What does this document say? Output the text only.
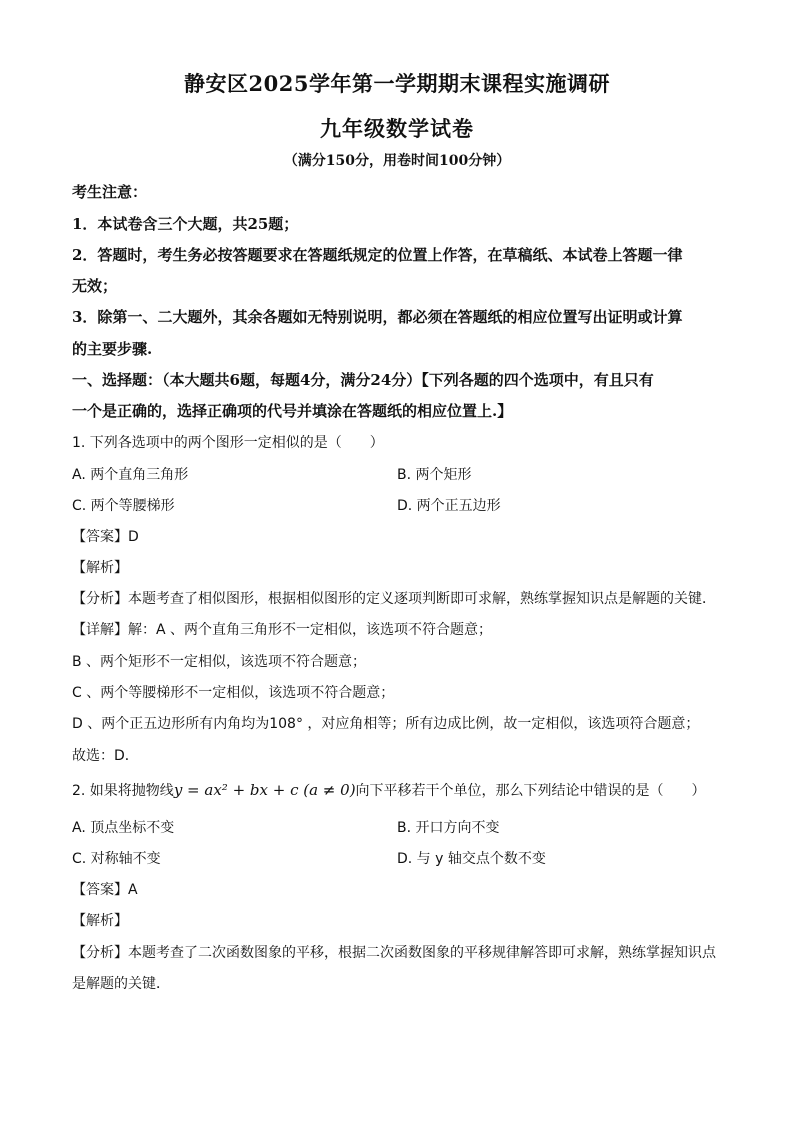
静安区2025学年第一学期期末课程实施调研
九年级数学试卷
（满分150分，用卷时间100分钟）
考生注意：
1．本试卷含三个大题，共25题；
2．答题时，考生务必按答题要求在答题纸规定的位置上作答，在草稿纸、本试卷上答题一律
无效；
3．除第一、二大题外，其余各题如无特别说明，都必须在答题纸的相应位置写出证明或计算
的主要步骤.
一、选择题：（本大题共6题，每题4分，满分24分）【下列各题的四个选项中，有且只有
一个是正确的，选择正确项的代号并填涂在答题纸的相应位置上.】
1. 下列各选项中的两个图形一定相似的是（　　）
A. 两个直角三角形	B. 两个矩形
C. 两个等腰梯形	D. 两个正五边形
【答案】D
【解析】
【分析】本题考查了相似图形，根据相似图形的定义逐项判断即可求解，熟练掌握知识点是解题的关键．
【详解】解：A 、两个直角三角形不一定相似，该选项不符合题意；
B 、两个矩形不一定相似，该选项不符合题意；
C 、两个等腰梯形不一定相似，该选项不符合题意；
D 、两个正五边形所有内角均为108° ，对应角相等；所有边成比例，故一定相似，该选项符合题意；
故选：D．
2. 如果将抛物线y = ax² + bx + c (a ≠ 0)向下平移若干个单位，那么下列结论中错误的是（　　）
A. 顶点坐标不变	B. 开口方向不变
C. 对称轴不变	D. 与 y 轴交点个数不变
【答案】A
【解析】
【分析】本题考查了二次函数图象的平移，根据二次函数图象的平移规律解答即可求解，熟练掌握知识点
是解题的关键．
